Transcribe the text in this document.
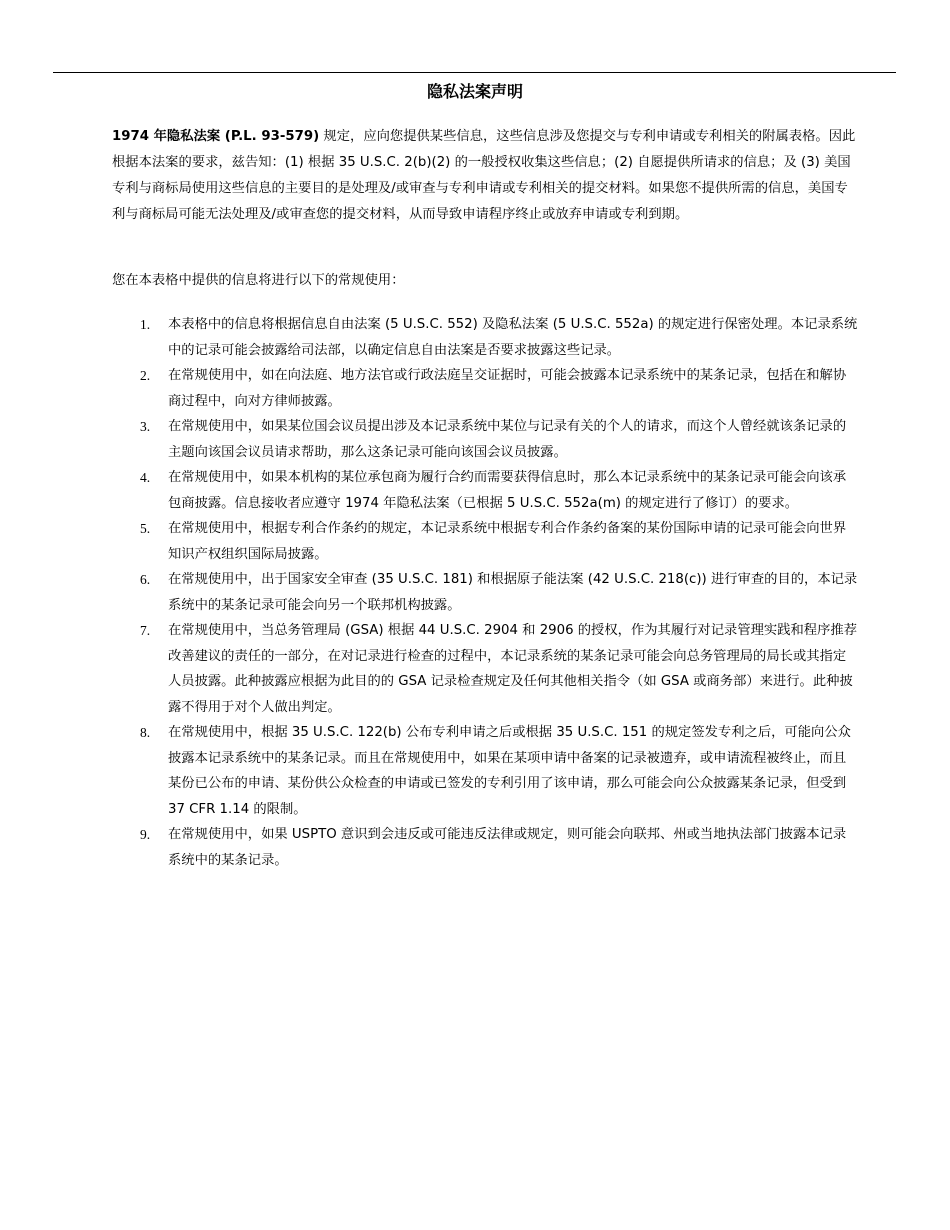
隐私法案声明
1974 年隐私法案 (P.L. 93-579) 规定，应向您提供某些信息，这些信息涉及您提交与专利申请或专利相关的附属表格。因此根据本法案的要求，兹告知：(1) 根据 35 U.S.C. 2(b)(2) 的一般授权收集这些信息；(2) 自愿提供所请求的信息；及 (3) 美国专利与商标局使用这些信息的主要目的是处理及/或审查与专利申请或专利相关的提交材料。如果您不提供所需的信息，美国专利与商标局可能无法处理及/或审查您的提交材料，从而导致申请程序终止或放弃申请或专利到期。
您在本表格中提供的信息将进行以下的常规使用：
1. 本表格中的信息将根据信息自由法案 (5 U.S.C. 552) 及隐私法案 (5 U.S.C. 552a) 的规定进行保密处理。本记录系统中的记录可能会披露给司法部，以确定信息自由法案是否要求披露这些记录。
2. 在常规使用中，如在向法庭、地方法官或行政法庭呈交证据时，可能会披露本记录系统中的某条记录，包括在和解协商过程中，向对方律师披露。
3. 在常规使用中，如果某位国会议员提出涉及本记录系统中某位与记录有关的个人的请求，而这个人曾经就该条记录的主题向该国会议员请求帮助，那么这条记录可能向该国会议员披露。
4. 在常规使用中，如果本机构的某位承包商为履行合约而需要获得信息时，那么本记录系统中的某条记录可能会向该承包商披露。信息接收者应遵守 1974 年隐私法案（已根据 5 U.S.C. 552a(m) 的规定进行了修订）的要求。
5. 在常规使用中，根据专利合作条约的规定，本记录系统中根据专利合作条约备案的某份国际申请的记录可能会向世界知识产权组织国际局披露。
6. 在常规使用中，出于国家安全审查 (35 U.S.C. 181) 和根据原子能法案 (42 U.S.C. 218(c)) 进行审查的目的，本记录系统中的某条记录可能会向另一个联邦机构披露。
7. 在常规使用中，当总务管理局 (GSA) 根据 44 U.S.C. 2904 和 2906 的授权，作为其履行对记录管理实践和程序推荐改善建议的责任的一部分，在对记录进行检查的过程中，本记录系统的某条记录可能会向总务管理局的局长或其指定人员披露。此种披露应根据为此目的的 GSA 记录检查规定及任何其他相关指令（如 GSA 或商务部）来进行。此种披露不得用于对个人做出判定。
8. 在常规使用中，根据 35 U.S.C. 122(b) 公布专利申请之后或根据 35 U.S.C. 151 的规定签发专利之后，可能向公众披露本记录系统中的某条记录。而且在常规使用中，如果在某项申请中备案的记录被遗弃，或申请流程被终止，而且某份已公布的申请、某份供公众检查的申请或已签发的专利引用了该申请，那么可能会向公众披露某条记录，但受到 37 CFR 1.14 的限制。
9. 在常规使用中，如果 USPTO 意识到会违反或可能违反法律或规定，则可能会向联邦、州或当地执法部门披露本记录系统中的某条记录。
